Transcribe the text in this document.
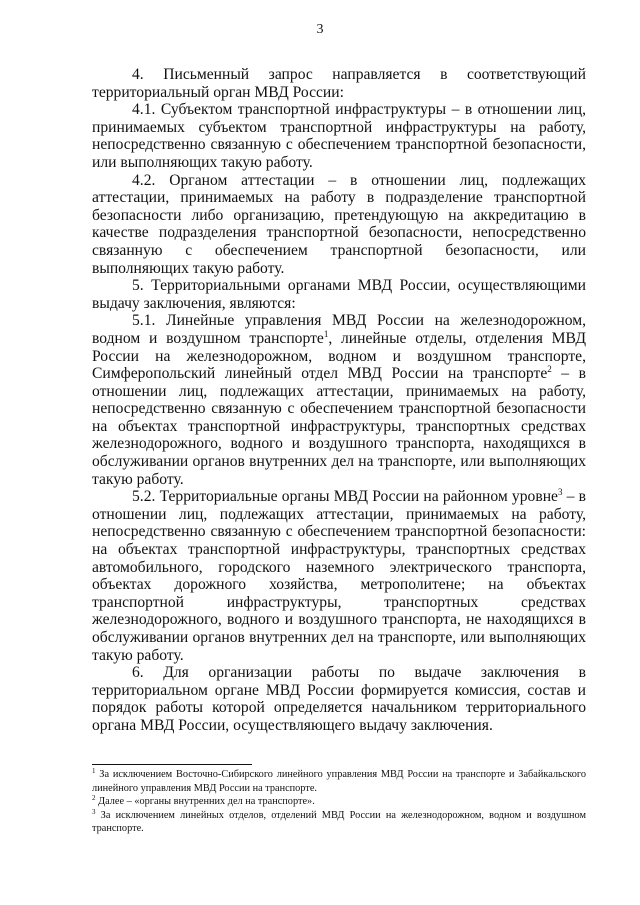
3

4. Письменный запрос направляется в соответствующий территориальный орган МВД России:

4.1. Субъектом транспортной инфраструктуры – в отношении лиц, принимаемых субъектом транспортной инфраструктуры на работу, непосредственно связанную с обеспечением транспортной безопасности, или выполняющих такую работу.

4.2. Органом аттестации – в отношении лиц, подлежащих аттестации, принимаемых на работу в подразделение транспортной безопасности либо организацию, претендующую на аккредитацию в качестве подразделения транспортной безопасности, непосредственно связанную с обеспечением транспортной безопасности, или выполняющих такую работу.

5. Территориальными органами МВД России, осуществляющими выдачу заключения, являются:

5.1. Линейные управления МВД России на железнодорожном, водном и воздушном транспорте$^1$, линейные отделы, отделения МВД России на железнодорожном, водном и воздушном транспорте, Симферопольский линейный отдел МВД России на транспорте$^2$ – в отношении лиц, подлежащих аттестации, принимаемых на работу, непосредственно связанную с обеспечением транспортной безопасности на объектах транспортной инфраструктуры, транспортных средствах железнодорожного, водного и воздушного транспорта, находящихся в обслуживании органов внутренних дел на транспорте, или выполняющих такую работу.

5.2. Территориальные органы МВД России на районном уровне$^3$ – в отношении лиц, подлежащих аттестации, принимаемых на работу, непосредственно связанную с обеспечением транспортной безопасности: на объектах транспортной инфраструктуры, транспортных средствах автомобильного, городского наземного электрического транспорта, объектах дорожного хозяйства, метрополитене; на объектах транспортной инфраструктуры, транспортных средствах железнодорожного, водного и воздушного транспорта, не находящихся в обслуживании органов внутренних дел на транспорте, или выполняющих такую работу.

6. Для организации работы по выдаче заключения в территориальном органе МВД России формируется комиссия, состав и порядок работы которой определяется начальником территориального органа МВД России, осуществляющего выдачу заключения.

$^1$ За исключением Восточно-Сибирского линейного управления МВД России на транспорте и Забайкальского линейного управления МВД России на транспорте.

$^2$ Далее – «органы внутренних дел на транспорте».

$^3$ За исключением линейных отделов, отделений МВД России на железнодорожном, водном и воздушном транспорте.
